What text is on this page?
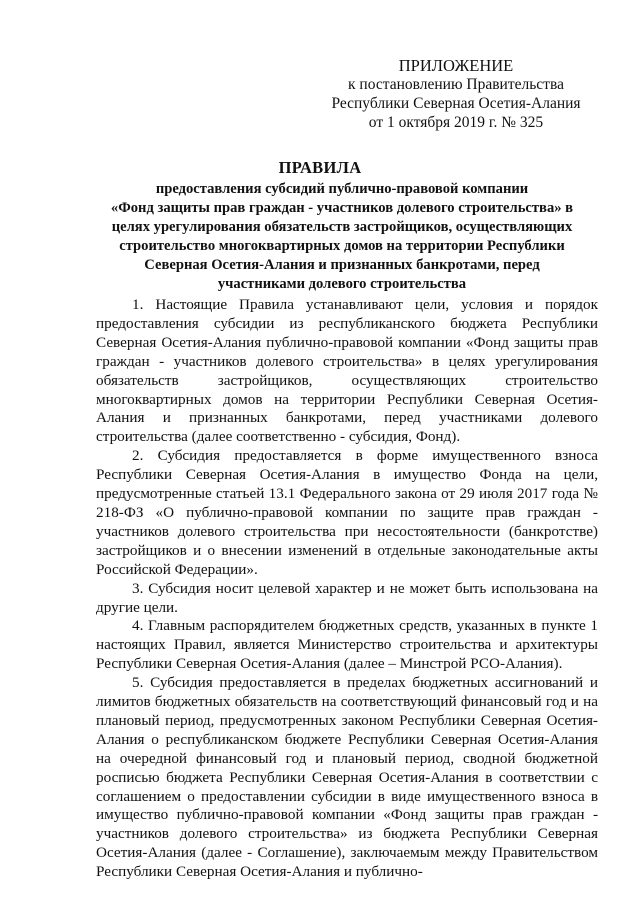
ПРИЛОЖЕНИЕ
к постановлению Правительства
Республики Северная Осетия-Алания
от 1 октября 2019 г. № 325
ПРАВИЛА
предоставления субсидий публично-правовой компании
«Фонд защиты прав граждан - участников долевого строительства» в
целях урегулирования обязательств застройщиков, осуществляющих
строительство многоквартирных домов на территории Республики
Северная Осетия-Алания и признанных банкротами, перед
участниками долевого строительства

1. Настоящие Правила устанавливают цели, условия и порядок предоставления субсидии из республиканского бюджета Республики Северная Осетия-Алания публично-правовой компании «Фонд защиты прав граждан - участников долевого строительства» в целях урегулирования обязательств застройщиков, осуществляющих строительство многоквартирных домов на территории Республики Северная Осетия-Алания и признанных банкротами, перед участниками долевого строительства (далее соответственно - субсидия, Фонд).

2. Субсидия предоставляется в форме имущественного взноса Республики Северная Осетия-Алания в имущество Фонда на цели, предусмотренные статьей 13.1 Федерального закона от 29 июля 2017 года № 218-ФЗ «О публично-правовой компании по защите прав граждан - участников долевого строительства при несостоятельности (банкротстве) застройщиков и о внесении изменений в отдельные законодательные акты Российской Федерации».

3. Субсидия носит целевой характер и не может быть использована на другие цели.

4. Главным распорядителем бюджетных средств, указанных в пункте 1 настоящих Правил, является Министерство строительства и архитектуры Республики Северная Осетия-Алания (далее – Минстрой РСО-Алания).

5. Субсидия предоставляется в пределах бюджетных ассигнований и лимитов бюджетных обязательств на соответствующий финансовый год и на плановый период, предусмотренных законом Республики Северная Осетия-Алания о республиканском бюджете Республики Северная Осетия-Алания на очередной финансовый год и плановый период, сводной бюджетной росписью бюджета Республики Северная Осетия-Алания в соответствии с соглашением о предоставлении субсидии в виде имущественного взноса в имущество публично-правовой компании «Фонд защиты прав граждан - участников долевого строительства» из бюджета Республики Северная Осетия-Алания (далее - Соглашение), заключаемым между Правительством Республики Северная Осетия-Алания и публично-
